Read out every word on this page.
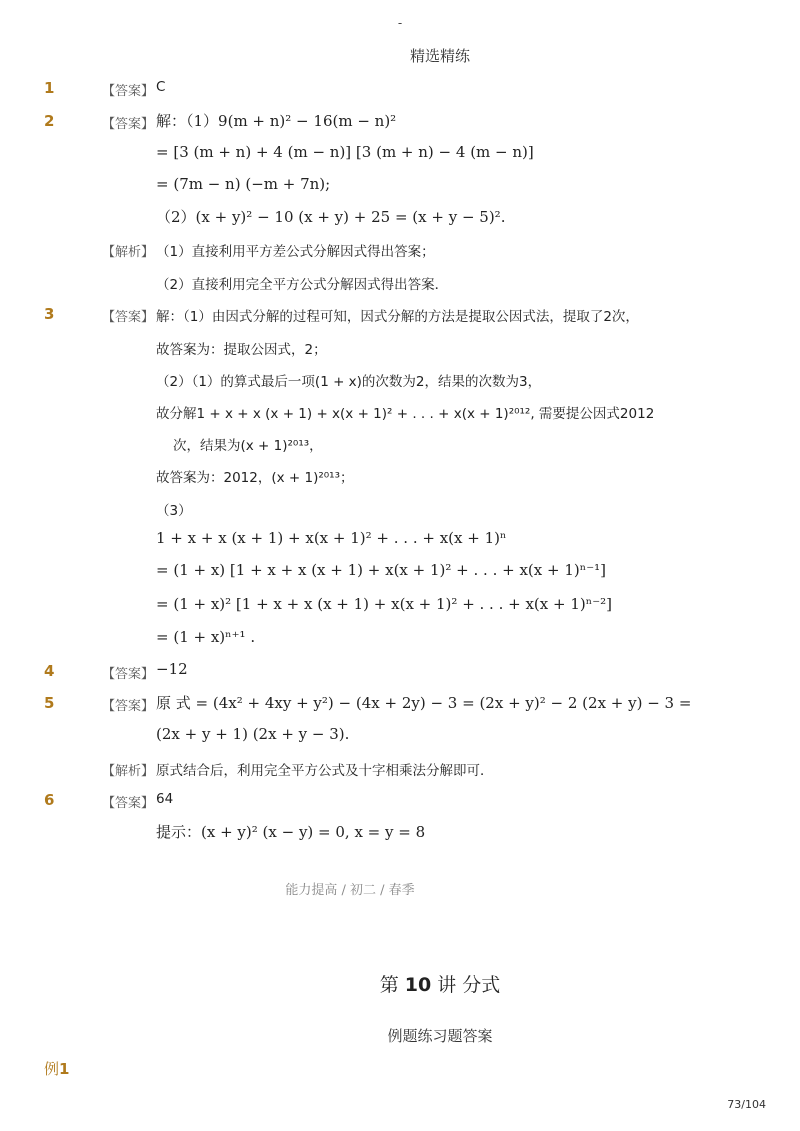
-
精选精练
1	【答案】 C
2	【答案】 解：（1）9(m + n)² − 16(m − n)²
= [3 (m + n) + 4 (m − n)] [3 (m + n) − 4 (m − n)]
= (7m − n) (−m + 7n);
（2）(x + y)² − 10 (x + y) + 25 = (x + y − 5)².
【解析】 （1）直接利用平方差公式分解因式得出答案；
（2）直接利用完全平方公式分解因式得出答案．
3	【答案】 解：（1）由因式分解的过程可知，因式分解的方法是提取公因式法，提取了2次，
故答案为：提取公因式，2；
（2）（1）的算式最后一项(1 + x)的次数为2，结果的次数为3，
故分解1 + x + x (x + 1) + x(x + 1)² + . . . + x(x + 1)²⁰¹², 需要提公因式2012
次，结果为(x + 1)²⁰¹³，
故答案为：2012，(x + 1)²⁰¹³；
（3）
1 + x + x (x + 1) + x(x + 1)² + . . . + x(x + 1)ⁿ
= (1 + x) [1 + x + x (x + 1) + x(x + 1)² + . . . + x(x + 1)ⁿ⁻¹]
= (1 + x)² [1 + x + x (x + 1) + x(x + 1)² + . . . + x(x + 1)ⁿ⁻²]
= (1 + x)ⁿ⁺¹ .
4	【答案】 −12
5	【答案】 原 式 = (4x² + 4xy + y²) − (4x + 2y) − 3 = (2x + y)² − 2 (2x + y) − 3 =
(2x + y + 1) (2x + y − 3).
【解析】 原式结合后，利用完全平方公式及十字相乘法分解即可．
6	【答案】 64
提示：(x + y)² (x − y) = 0, x = y = 8
能力提高 / 初二 / 春季
第 10 讲 分式
例题练习题答案
例1
73/104
